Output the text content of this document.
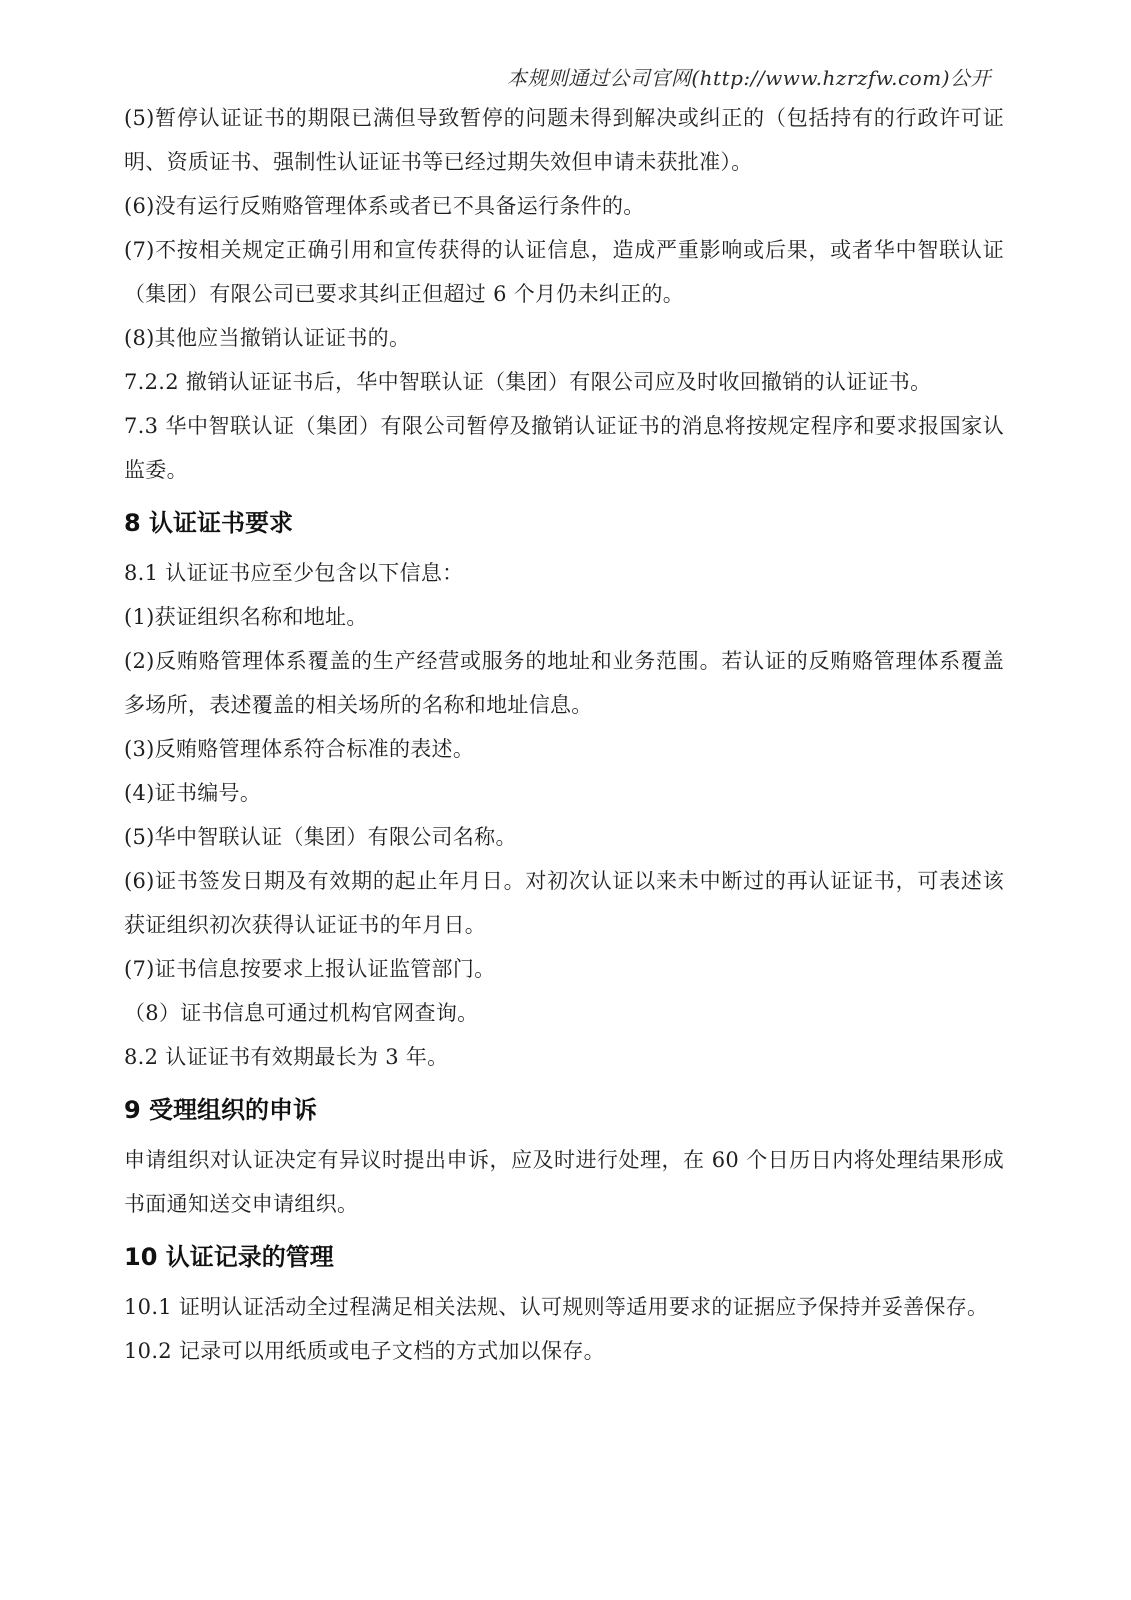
本规则通过公司官网(http://www.hzrzfw.com)公开

(5)暂停认证证书的期限已满但导致暂停的问题未得到解决或纠正的（包括持有的行政许可证明、资质证书、强制性认证证书等已经过期失效但申请未获批准）。

(6)没有运行反贿赂管理体系或者已不具备运行条件的。

(7)不按相关规定正确引用和宣传获得的认证信息，造成严重影响或后果，或者华中智联认证（集团）有限公司已要求其纠正但超过 6 个月仍未纠正的。

(8)其他应当撤销认证证书的。

7.2.2 撤销认证证书后，华中智联认证（集团）有限公司应及时收回撤销的认证证书。

7.3 华中智联认证（集团）有限公司暂停及撤销认证证书的消息将按规定程序和要求报国家认监委。

8 认证证书要求

8.1 认证证书应至少包含以下信息：

(1)获证组织名称和地址。

(2)反贿赂管理体系覆盖的生产经营或服务的地址和业务范围。若认证的反贿赂管理体系覆盖多场所，表述覆盖的相关场所的名称和地址信息。

(3)反贿赂管理体系符合标准的表述。

(4)证书编号。

(5)华中智联认证（集团）有限公司名称。

(6)证书签发日期及有效期的起止年月日。对初次认证以来未中断过的再认证证书，可表述该获证组织初次获得认证证书的年月日。

(7)证书信息按要求上报认证监管部门。

（8）证书信息可通过机构官网查询。

8.2 认证证书有效期最长为 3 年。

9 受理组织的申诉

申请组织对认证决定有异议时提出申诉，应及时进行处理，在 60 个日历日内将处理结果形成书面通知送交申请组织。

10 认证记录的管理

10.1 证明认证活动全过程满足相关法规、认可规则等适用要求的证据应予保持并妥善保存。

10.2 记录可以用纸质或电子文档的方式加以保存。
